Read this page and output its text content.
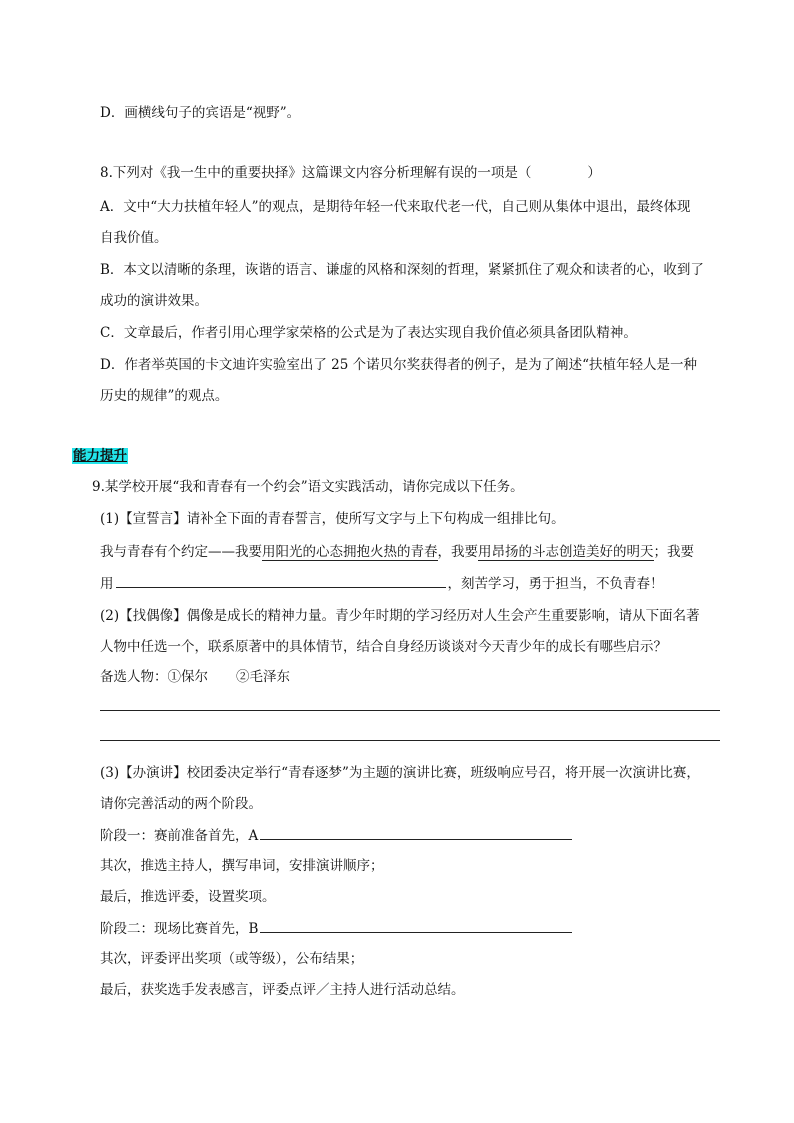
D．画横线句子的宾语是“视野”。
8.下列对《我一生中的重要抉择》这篇课文内容分析理解有误的一项是（	）
A．文中“大力扶植年轻人”的观点，是期待年轻一代来取代老一代，自己则从集体中退出，最终体现
自我价值。
B．本文以清晰的条理，诙谐的语言、谦虚的风格和深刻的哲理，紧紧抓住了观众和读者的心，收到了
成功的演讲效果。
C．文章最后，作者引用心理学家荣格的公式是为了表达实现自我价值必须具备团队精神。
D．作者举英国的卡文迪许实验室出了 25 个诺贝尔奖获得者的例子，是为了阐述“扶植年轻人是一种
历史的规律”的观点。
能力提升
9.某学校开展“我和青春有一个约会”语文实践活动，请你完成以下任务。
(1)【宣誓言】请补全下面的青春誓言，使所写文字与上下句构成一组排比句。
我与青春有个约定——我要用阳光的心态拥抱火热的青春，我要用昂扬的斗志创造美好的明天；我要
用	，刻苦学习，勇于担当，不负青春！
(2)【找偶像】偶像是成长的精神力量。青少年时期的学习经历对人生会产生重要影响，请从下面名著
人物中任选一个，联系原著中的具体情节，结合自身经历谈谈对今天青少年的成长有哪些启示？
备选人物：①保尔 ②毛泽东
(3)【办演讲】校团委决定举行“青春逐梦”为主题的演讲比赛，班级响应号召，将开展一次演讲比赛，
请你完善活动的两个阶段。
阶段一：赛前准备首先，A
其次，推选主持人，撰写串词，安排演讲顺序；
最后，推选评委，设置奖项。
阶段二：现场比赛首先，B
其次，评委评出奖项（或等级），公布结果；
最后，获奖选手发表感言，评委点评／主持人进行活动总结。
